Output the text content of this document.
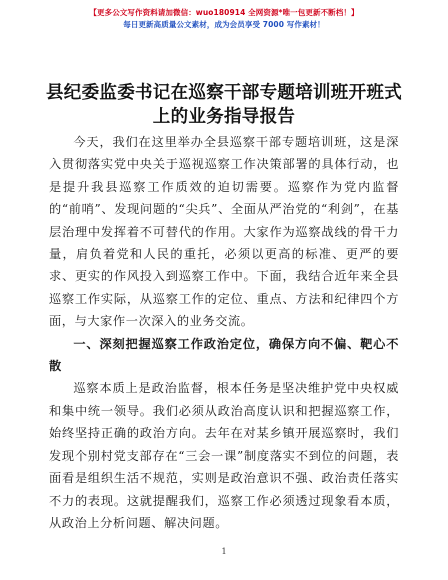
【更多公文写作资料请加微信：wuo180914 全网资源*唯一包更新不断档！】
每日更新高质量公文素材，成为会员享受 7000 写作素材！
县纪委监委书记在巡察干部专题培训班开班式上的业务指导报告

今天，我们在这里举办全县巡察干部专题培训班，这是深入贯彻落实党中央关于巡视巡察工作决策部署的具体行动，也是提升我县巡察工作质效的迫切需要。巡察作为党内监督的“前哨”、发现问题的“尖兵”、全面从严治党的“利剑”，在基层治理中发挥着不可替代的作用。大家作为巡察战线的骨干力量，肩负着党和人民的重托，必须以更高的标准、更严的要求、更实的作风投入到巡察工作中。下面，我结合近年来全县巡察工作实际，从巡察工作的定位、重点、方法和纪律四个方面，与大家作一次深入的业务交流。

一、深刻把握巡察工作政治定位，确保方向不偏、靶心不散

巡察本质上是政治监督，根本任务是坚决维护党中央权威和集中统一领导。我们必须从政治高度认识和把握巡察工作，始终坚持正确的政治方向。去年在对某乡镇开展巡察时，我们发现个别村党支部存在“三会一课”制度落实不到位的问题，表面看是组织生活不规范，实则是政治意识不强、政治责任落实不力的表现。这就提醒我们，巡察工作必须透过现象看本质，从政治上分析问题、解决问题。

1
